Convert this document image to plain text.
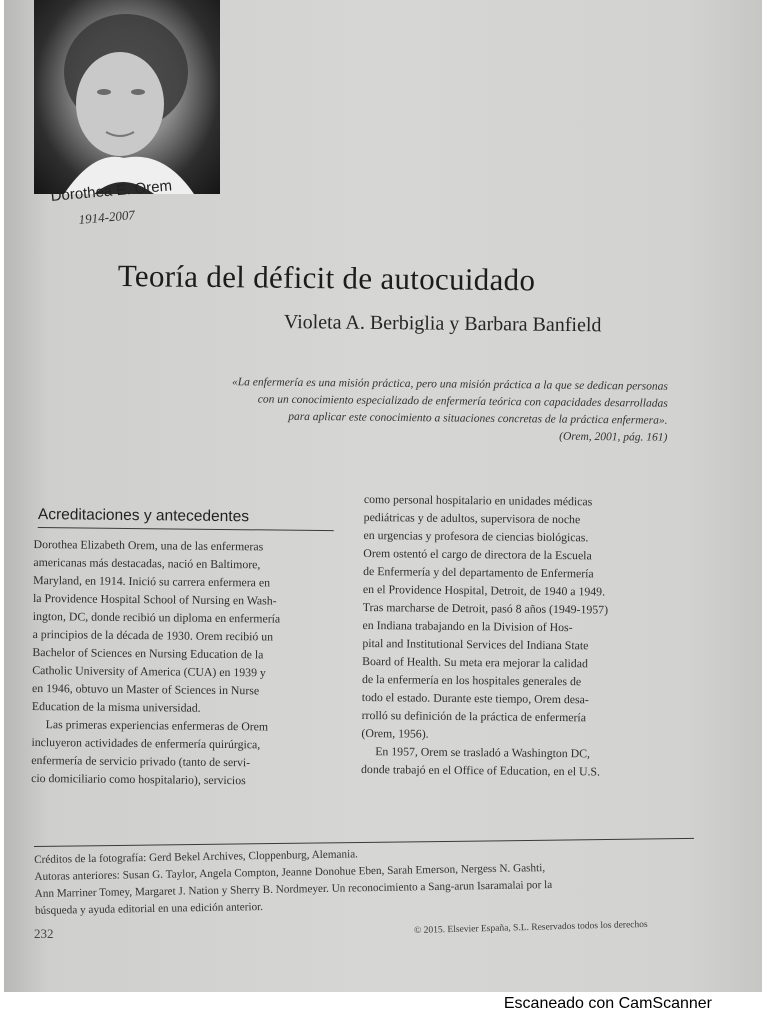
Dorothea E. Orem
1914-2007
Teoría del déficit de autocuidado
Violeta A. Berbiglia y Barbara Banfield
«La enfermería es una misión práctica, pero una misión práctica a la que se dedican personas
con un conocimiento especializado de enfermería teórica con capacidades desarrolladas
para aplicar este conocimiento a situaciones concretas de la práctica enfermera».
(Orem, 2001, pág. 161)
Acreditaciones y antecedentes
Dorothea Elizabeth Orem, una de las enfermeras
americanas más destacadas, nació en Baltimore,
Maryland, en 1914. Inició su carrera enfermera en
la Providence Hospital School of Nursing en Wash-
ington, DC, donde recibió un diploma en enfermería
a principios de la década de 1930. Orem recibió un
Bachelor of Sciences en Nursing Education de la
Catholic University of America (CUA) en 1939 y
en 1946, obtuvo un Master of Sciences in Nurse
Education de la misma universidad.
Las primeras experiencias enfermeras de Orem
incluyeron actividades de enfermería quirúrgica,
enfermería de servicio privado (tanto de servi-
cio domiciliario como hospitalario), servicios
como personal hospitalario en unidades médicas
pediátricas y de adultos, supervisora de noche
en urgencias y profesora de ciencias biológicas.
Orem ostentó el cargo de directora de la Escuela
de Enfermería y del departamento de Enfermería
en el Providence Hospital, Detroit, de 1940 a 1949.
Tras marcharse de Detroit, pasó 8 años (1949-1957)
en Indiana trabajando en la Division of Hos-
pital and Institutional Services del Indiana State
Board of Health. Su meta era mejorar la calidad
de la enfermería en los hospitales generales de
todo el estado. Durante este tiempo, Orem desa-
rrolló su definición de la práctica de enfermería
(Orem, 1956).
En 1957, Orem se trasladó a Washington DC,
donde trabajó en el Office of Education, en el U.S.
Créditos de la fotografía: Gerd Bekel Archives, Cloppenburg, Alemania.
Autoras anteriores: Susan G. Taylor, Angela Compton, Jeanne Donohue Eben, Sarah Emerson, Nergess N. Gashti,
Ann Marriner Tomey, Margaret J. Nation y Sherry B. Nordmeyer. Un reconocimiento a Sang-arun Isaramalai por la
búsqueda y ayuda editorial en una edición anterior.
232	© 2015. Elsevier España, S.L. Reservados todos los derechos
Escaneado con CamScanner
